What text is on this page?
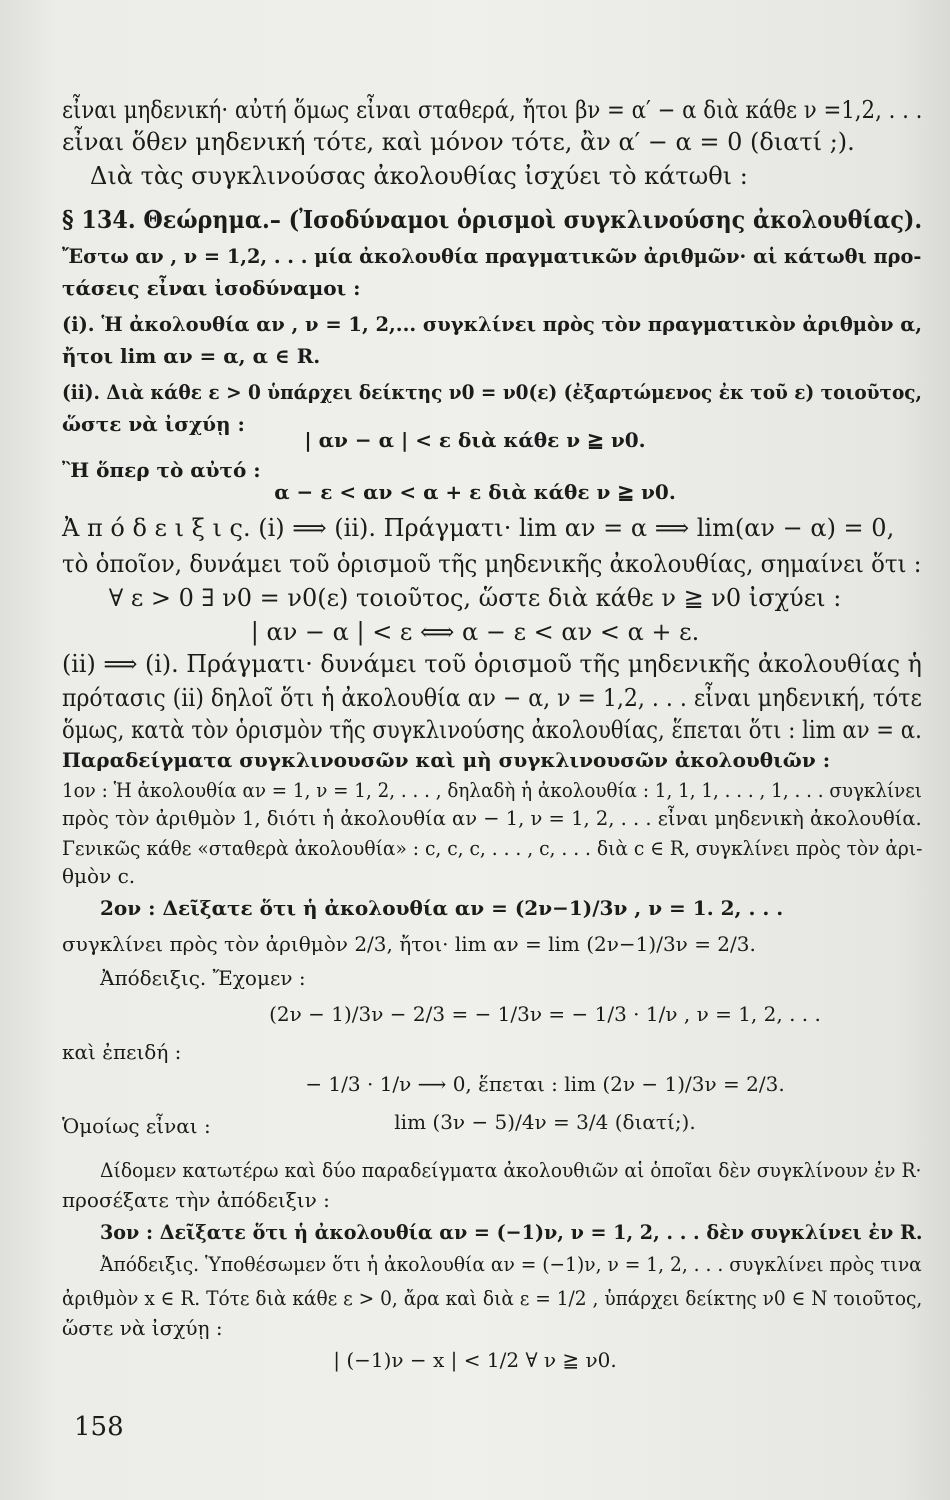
εἶναι μηδενική· αὐτή ὅμως εἶναι σταθερά, ἤτοι βν = α′ − α διὰ κάθε ν =1,2, . . .
εἶναι ὅθεν μηδενική τότε, καὶ μόνον τότε, ἂν α′ − α = 0 (διατί ;).
Διὰ τὰς συγκλινούσας ἀκολουθίας ἰσχύει τὸ κάτωθι :
§ 134. Θεώρημα.– (Ἰσοδύναμοι ὁρισμοὶ συγκλινούσης ἀκολουθίας).
Ἔστω αν , ν = 1,2, . . . μία ἀκολουθία πραγματικῶν ἀριθμῶν· αἱ κάτωθι προ-
τάσεις εἶναι ἰσοδύναμοι :
(i). Ἡ ἀκολουθία αν , ν = 1, 2,... συγκλίνει πρὸς τὸν πραγματικὸν ἀριθμὸν α,
ἤτοι lim αν = α, α ∈ R.
(ii). Διὰ κάθε ε > 0 ὑπάρχει δείκτης ν0 = ν0(ε) (ἐξαρτώμενος ἐκ τοῦ ε) τοιοῦτος,
ὥστε νὰ ἰσχύῃ :
| αν − α | < ε διὰ κάθε ν ≧ ν0.
Ἢ ὅπερ τὸ αὐτό :
α − ε < αν < α + ε διὰ κάθε ν ≧ ν0.
Ἀ π ό δ ε ι ξ ι ς. (i) ⟹ (ii). Πράγματι· lim αν = α ⟹ lim(αν − α) = 0,
τὸ ὁποῖον, δυνάμει τοῦ ὁρισμοῦ τῆς μηδενικῆς ἀκολουθίας, σημαίνει ὅτι :
∀ ε > 0 ∃ ν0 = ν0(ε) τοιοῦτος, ὥστε διὰ κάθε ν ≧ ν0 ἰσχύει :
| αν − α | < ε ⟺ α − ε < αν < α + ε.
(ii) ⟹ (i). Πράγματι· δυνάμει τοῦ ὁρισμοῦ τῆς μηδενικῆς ἀκολουθίας ἡ
πρότασις (ii) δηλοῖ ὅτι ἡ ἀκολουθία αν − α, ν = 1,2, . . . εἶναι μηδενική, τότε
ὅμως, κατὰ τὸν ὁρισμὸν τῆς συγκλινούσης ἀκολουθίας, ἕπεται ὅτι : lim αν = α.
Παραδείγματα συγκλινουσῶν καὶ μὴ συγκλινουσῶν ἀκολουθιῶν :
1ον : Ἡ ἀκολουθία αν = 1, ν = 1, 2, . . . , δηλαδὴ ἡ ἀκολουθία : 1, 1, 1, . . . , 1, . . . συγκλίνει
πρὸς τὸν ἀριθμὸν 1, διότι ἡ ἀκολουθία αν − 1, ν = 1, 2, . . . εἶναι μηδενικὴ ἀκολουθία.
Γενικῶς κάθε «σταθερὰ ἀκολουθία» : c, c, c, . . . , c, . . . διὰ c ∈ R, συγκλίνει πρὸς τὸν ἀρι-
θμὸν c.
2ον : Δεῖξατε ὅτι ἡ ἀκολουθία αν = (2ν−1)/3ν , ν = 1. 2, . . .
συγκλίνει πρὸς τὸν ἀριθμὸν 2/3, ἤτοι· lim αν = lim (2ν−1)/3ν = 2/3.
Ἀπόδειξις. Ἔχομεν :
(2ν − 1)/3ν − 2/3 = − 1/3ν = − 1/3 · 1/ν , ν = 1, 2, . . .
καὶ ἐπειδή :
− 1/3 · 1/ν ⟶ 0, ἕπεται : lim (2ν − 1)/3ν = 2/3.
Ὁμοίως εἶναι :	lim (3ν − 5)/4ν = 3/4 (διατί;).
Δίδομεν κατωτέρω καὶ δύο παραδείγματα ἀκολουθιῶν αἱ ὁποῖαι δὲν συγκλίνουν ἐν R·
προσέξατε τὴν ἀπόδειξιν :
3ον : Δεῖξατε ὅτι ἡ ἀκολουθία αν = (−1)ν, ν = 1, 2, . . . δὲν συγκλίνει ἐν R.
Ἀπόδειξις. Ὑποθέσωμεν ὅτι ἡ ἀκολουθία αν = (−1)ν, ν = 1, 2, . . . συγκλίνει πρὸς τινα
ἀριθμὸν x ∈ R. Τότε διὰ κάθε ε > 0, ἄρα καὶ διὰ ε = 1/2 , ὑπάρχει δείκτης ν0 ∈ N τοιοῦτος,
ὥστε νὰ ἰσχύῃ :
| (−1)ν − x | < 1/2 ∀ ν ≧ ν0.
158
